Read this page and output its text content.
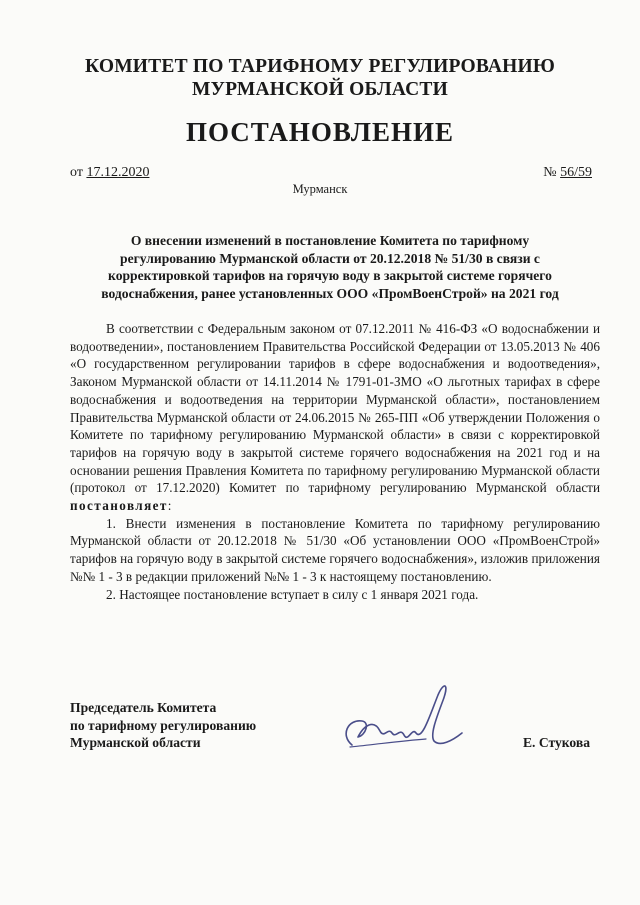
КОМИТЕТ ПО ТАРИФНОМУ РЕГУЛИРОВАНИЮ
МУРМАНСКОЙ ОБЛАСТИ
ПОСТАНОВЛЕНИЕ
от 17.12.2020	№ 56/59
Мурманск
О внесении изменений в постановление Комитета по тарифному
регулированию Мурманской области от 20.12.2018 № 51/30 в связи с
корректировкой тарифов на горячую воду в закрытой системе горячего
водоснабжения, ранее установленных ООО «ПромВоенСтрой» на 2021 год

В соответствии с Федеральным законом от 07.12.2011 № 416-ФЗ «О водоснабжении и водоотведении», постановлением Правительства Российской Федерации от 13.05.2013 № 406 «О государственном регулировании тарифов в сфере водоснабжения и водоотведения», Законом Мурманской области от 14.11.2014 № 1791-01-ЗМО «О льготных тарифах в сфере водоснабжения и водоотведения на территории Мурманской области», постановлением Правительства Мурманской области от 24.06.2015 № 265-ПП «Об утверждении Положения о Комитете по тарифному регулированию Мурманской области» в связи с корректировкой тарифов на горячую воду в закрытой системе горячего водоснабжения на 2021 год и на основании решения Правления Комитета по тарифному регулированию Мурманской области (протокол от 17.12.2020) Комитет по тарифному регулированию Мурманской области постановляет:

1. Внести изменения в постановление Комитета по тарифному регулированию Мурманской области от 20.12.2018 № 51/30 «Об установлении ООО «ПромВоенСтрой» тарифов на горячую воду в закрытой системе горячего водоснабжения», изложив приложения №№ 1 - 3 в редакции приложений №№ 1 - 3 к настоящему постановлению.

2. Настоящее постановление вступает в силу с 1 января 2021 года.

Председатель Комитета
по тарифному регулированию
Мурманской области	Е. Стукова
